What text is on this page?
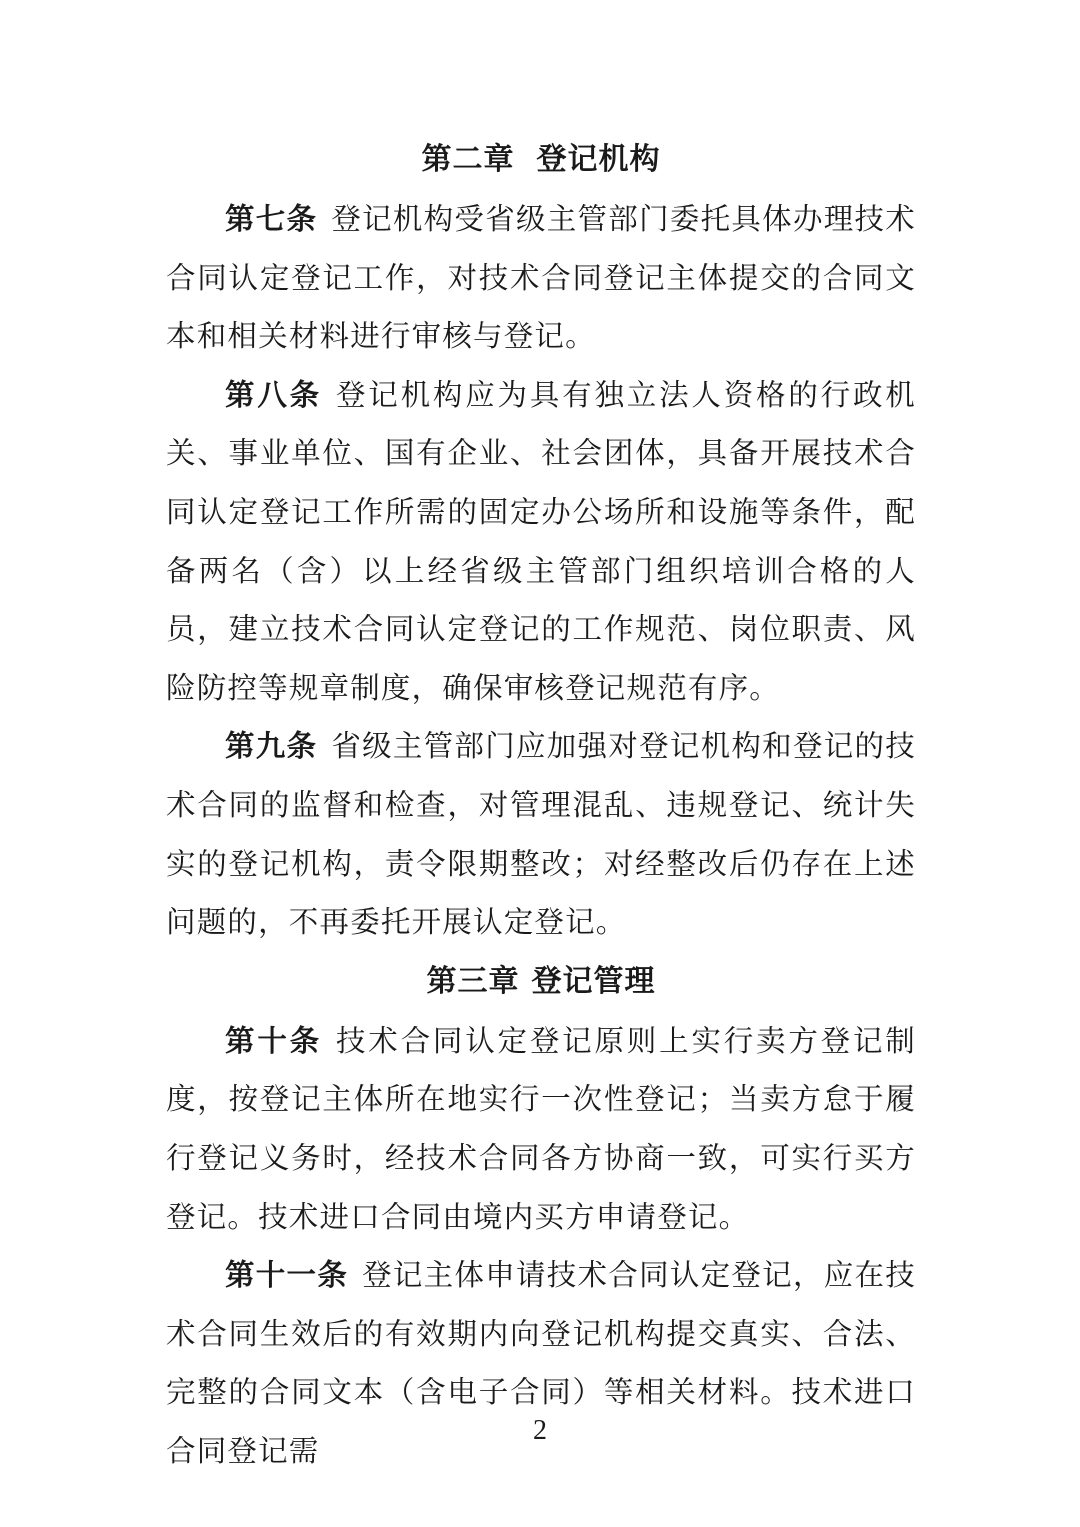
第二章 登记机构

第七条 登记机构受省级主管部门委托具体办理技术合同认定登记工作，对技术合同登记主体提交的合同文本和相关材料进行审核与登记。

第八条 登记机构应为具有独立法人资格的行政机关、事业单位、国有企业、社会团体，具备开展技术合同认定登记工作所需的固定办公场所和设施等条件，配备两名（含）以上经省级主管部门组织培训合格的人员，建立技术合同认定登记的工作规范、岗位职责、风险防控等规章制度，确保审核登记规范有序。

第九条 省级主管部门应加强对登记机构和登记的技术合同的监督和检查，对管理混乱、违规登记、统计失实的登记机构，责令限期整改；对经整改后仍存在上述问题的，不再委托开展认定登记。

第三章 登记管理

第十条 技术合同认定登记原则上实行卖方登记制度，按登记主体所在地实行一次性登记；当卖方怠于履行登记义务时，经技术合同各方协商一致，可实行买方登记。技术进口合同由境内买方申请登记。

第十一条 登记主体申请技术合同认定登记，应在技术合同生效后的有效期内向登记机构提交真实、合法、完整的合同文本（含电子合同）等相关材料。技术进口合同登记需

2
